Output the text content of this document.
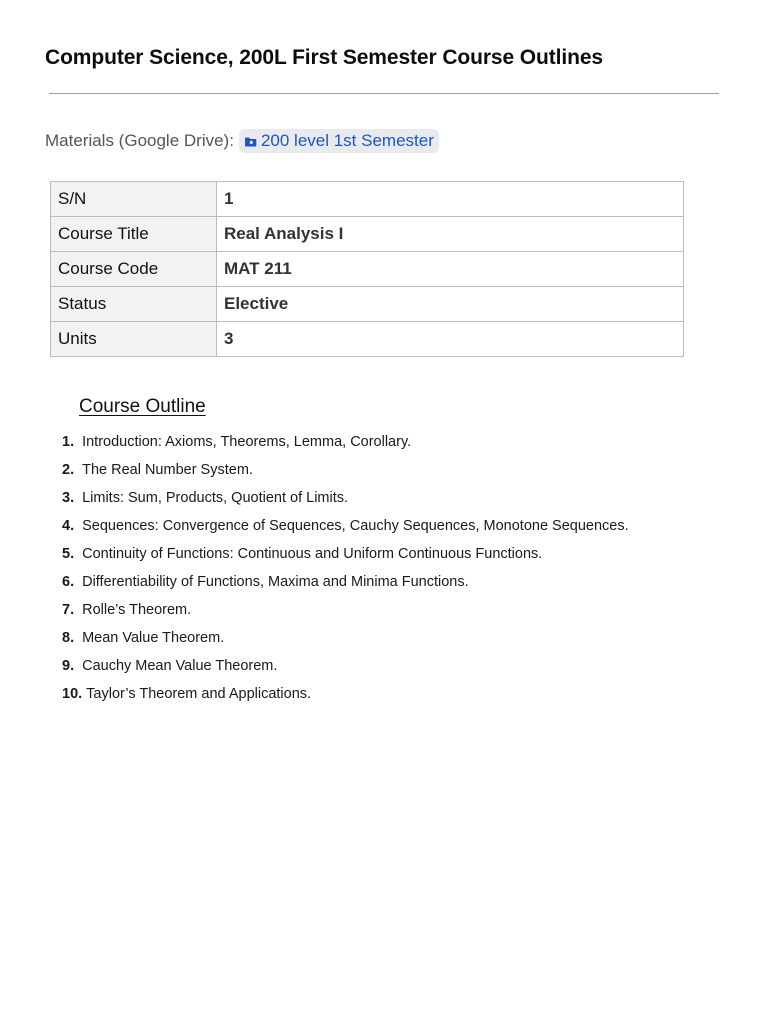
Computer Science, 200L First Semester Course Outlines
Materials (Google Drive): 200 level 1st Semester
S/N	1
Course Title	Real Analysis I
Course Code	MAT 211
Status	Elective
Units	3
Course Outline
1. Introduction: Axioms, Theorems, Lemma, Corollary.
2. The Real Number System.
3. Limits: Sum, Products, Quotient of Limits.
4. Sequences: Convergence of Sequences, Cauchy Sequences, Monotone Sequences.
5. Continuity of Functions: Continuous and Uniform Continuous Functions.
6. Differentiability of Functions, Maxima and Minima Functions.
7. Rolle’s Theorem.
8. Mean Value Theorem.
9. Cauchy Mean Value Theorem.
10. Taylor’s Theorem and Applications.
